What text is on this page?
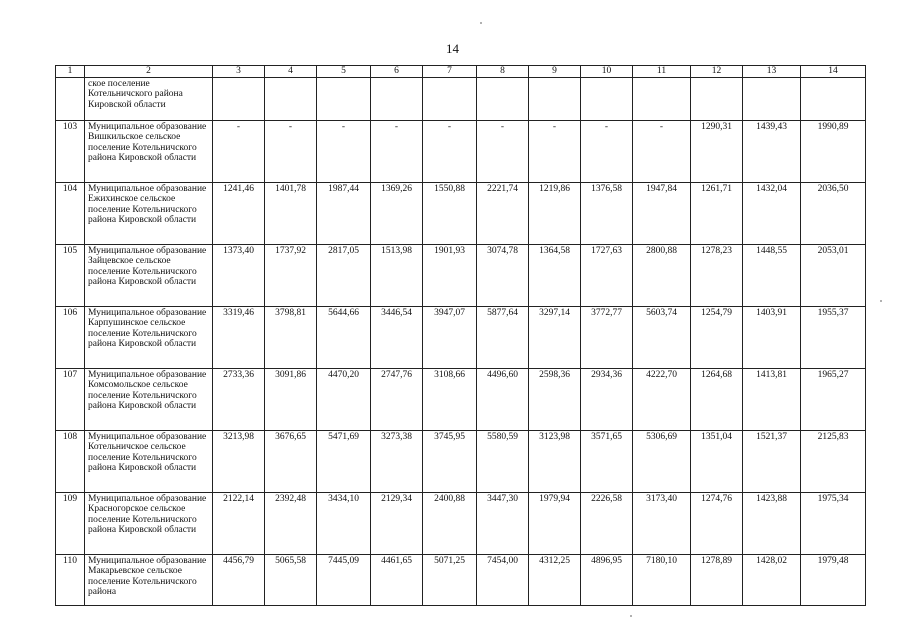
14
1	2	3	4	5	6	7	8	9	10	11	12	13	14
	ское поселение Котельничского района Кировской области												
103	Муниципальное образование Вишкильское сельское поселение Котельничского района Кировской области	-	-	-	-	-	-	-	-	-	1290,31	1439,43	1990,89
104	Муниципальное образование Ежихинское сельское поселение Котельничского района Кировской области	1241,46	1401,78	1987,44	1369,26	1550,88	2221,74	1219,86	1376,58	1947,84	1261,71	1432,04	2036,50
105	Муниципальное образование Зайцевское сельское поселение Котельничского района Кировской области	1373,40	1737,92	2817,05	1513,98	1901,93	3074,78	1364,58	1727,63	2800,88	1278,23	1448,55	2053,01
106	Муниципальное образование Карпушинское сельское поселение Котельничского района Кировской области	3319,46	3798,81	5644,66	3446,54	3947,07	5877,64	3297,14	3772,77	5603,74	1254,79	1403,91	1955,37
107	Муниципальное образование Комсомольское сельское поселение Котельничского района Кировской области	2733,36	3091,86	4470,20	2747,76	3108,66	4496,60	2598,36	2934,36	4222,70	1264,68	1413,81	1965,27
108	Муниципальное образование Котельничское сельское поселение Котельничского района Кировской области	3213,98	3676,65	5471,69	3273,38	3745,95	5580,59	3123,98	3571,65	5306,69	1351,04	1521,37	2125,83
109	Муниципальное образование Красногорское сельское поселение Котельничского района Кировской области	2122,14	2392,48	3434,10	2129,34	2400,88	3447,30	1979,94	2226,58	3173,40	1274,76	1423,88	1975,34
110	Муниципальное образование Макарьевское сельское поселение Котельничского района	4456,79	5065,58	7445,09	4461,65	5071,25	7454,00	4312,25	4896,95	7180,10	1278,89	1428,02	1979,48
